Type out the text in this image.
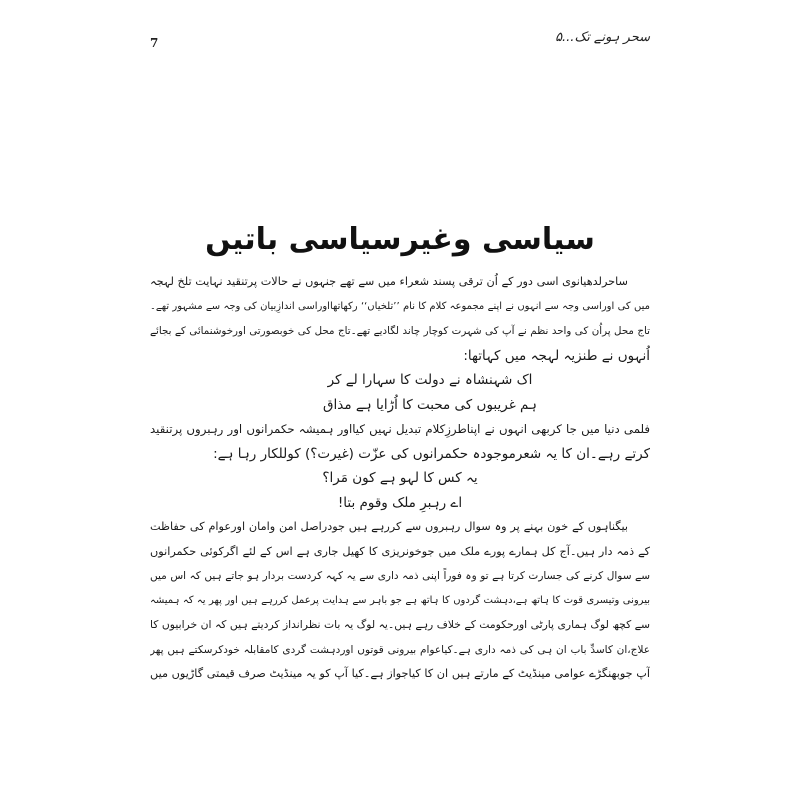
7	سحر ہونے تک...۵
سیاسی وغیرسیاسی باتیں
ساحرلدھیانوی اسی دور کے اُن ترقی پسند شعراء میں سے تھے جنہوں نے حالات پرتنقید نہایت تلخ لہجہ
میں کی اوراسی وجہ سے انہوں نے اپنے مجموعہ کلام کا نام ’’تلخیاں‘‘ رکھاتھااوراسی اندازِبیان کی وجہ سے مشہور تھے۔
تاج محل پراُن کی واحد نظم نے آپ کی شہرت کوچار چاند لگادیے تھے۔تاج محل کی خوبصورتی اورخوشنمائی کے بجائے
اُنہوں نے طنزیہ لہجہ میں کہاتھا:
اک شہنشاہ نے دولت کا سہارا لے کر
ہم غریبوں کی محبت کا اُڑایا ہے مذاق
فلمی دنیا میں جا کربھی انہوں نے اپناطرزِکلام تبدیل نہیں کیااور ہمیشہ حکمرانوں اور رہبروں پرتنقید
کرتے رہے۔ان کا یہ شعرموجودہ حکمرانوں کی عزّت (غیرت؟) کوللکار رہا ہے:
یہ کس کا لہو ہے کون مَرا؟
اے رہبرِ ملک وقوم بتا!
بیگناہوں کے خون بہنے پر وہ سوال رہبروں سے کررہے ہیں جودراصل امن وامان اورعوام کی حفاظت
کے ذمہ دار ہیں۔آج کل ہمارے پورے ملک میں جوخونریزی کا کھیل جاری ہے اس کے لئے اگرکوئی حکمرانوں
سے سوال کرنے کی جسارت کرتا ہے تو وہ فوراً اپنی ذمہ داری سے یہ کہہ کردست بردار ہو جاتے ہیں کہ اس میں
بیرونی وتیسری قوت کا ہاتھ ہے،دہشت گردوں کا ہاتھ ہے جو باہر سے ہدایت پرعمل کررہے ہیں اور پھر یہ کہ ہمیشہ
سے کچھ لوگ ہماری پارٹی اورحکومت کے خلاف رہے ہیں۔یہ لوگ یہ بات نظرانداز کردیتے ہیں کہ ان خرابیوں کا
علاج،ان کاسدِّ باب ان ہی کی ذمہ داری ہے۔کیاعوام بیرونی قوتوں اوردہشت گردی کامقابلہ خودکرسکتے ہیں پھر
آپ جوبھنگڑے عوامی مینڈیٹ کے مارتے ہیں ان کا کیاجواز ہے۔کیا آپ کو یہ مینڈیٹ صرف قیمتی گاڑیوں میں
